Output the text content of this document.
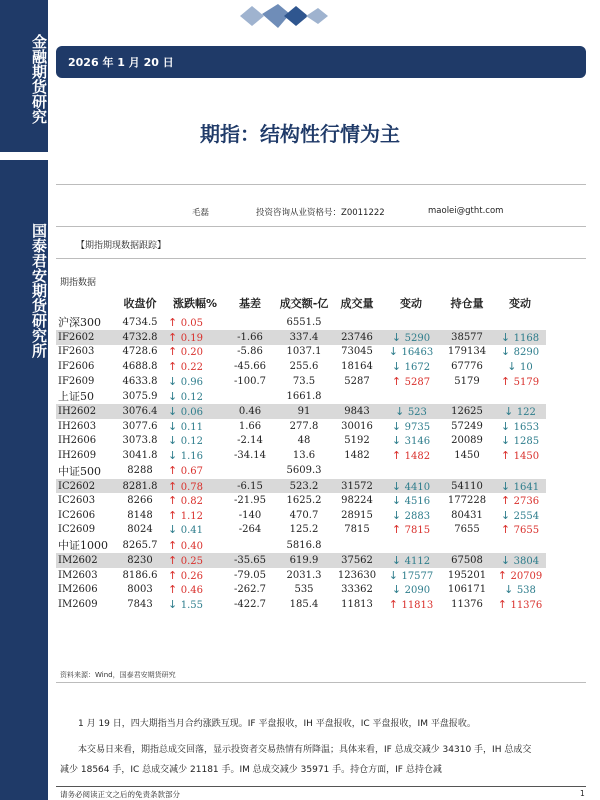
金融期货研究
国泰君安期货研究所
2026 年 1 月 20 日
期指：结构性行情为主
毛磊	投资咨询从业资格号：Z0011222	maolei@gtht.com
【期指期现数据跟踪】
期指数据
	收盘价	涨跌幅%	基差	成交额-亿	成交量	变动	持仓量	变动
沪深300	4734.5	↑ 0.05		6551.5				
IF2602	4732.8	↑ 0.19	-1.66	337.4	23746	↓ 5290	38577	↓ 1168
IF2603	4728.6	↑ 0.20	-5.86	1037.1	73045	↓ 16463	179134	↓ 8290
IF2606	4688.8	↑ 0.22	-45.66	255.6	18164	↓ 1672	67776	↓ 10
IF2609	4633.8	↓ 0.96	-100.7	73.5	5287	↑ 5287	5179	↑ 5179
上证50	3075.9	↓ 0.12		1661.8				
IH2602	3076.4	↓ 0.06	0.46	91	9843	↓ 523	12625	↓ 122
IH2603	3077.6	↓ 0.11	1.66	277.8	30016	↓ 9735	57249	↓ 1653
IH2606	3073.8	↓ 0.12	-2.14	48	5192	↓ 3146	20089	↓ 1285
IH2609	3041.8	↓ 1.16	-34.14	13.6	1482	↑ 1482	1450	↑ 1450
中证500	8288	↑ 0.67		5609.3				
IC2602	8281.8	↑ 0.78	-6.15	523.2	31572	↓ 4410	54110	↓ 1641
IC2603	8266	↑ 0.82	-21.95	1625.2	98224	↓ 4516	177228	↑ 2736
IC2606	8148	↑ 1.12	-140	470.7	28915	↓ 2883	80431	↓ 2554
IC2609	8024	↓ 0.41	-264	125.2	7815	↑ 7815	7655	↑ 7655
中证1000	8265.7	↑ 0.40		5816.8				
IM2602	8230	↑ 0.25	-35.65	619.9	37562	↓ 4112	67508	↓ 3804
IM2603	8186.6	↑ 0.26	-79.05	2031.3	123630	↓ 17577	195201	↑ 20709
IM2606	8003	↑ 0.46	-262.7	535	33362	↓ 2090	106171	↓ 538
IM2609	7843	↓ 1.55	-422.7	185.4	11813	↑ 11813	11376	↑ 11376
资料来源：Wind，国泰君安期货研究
1 月 19 日，四大期指当月合约涨跌互现。IF 平盘报收，IH 平盘报收，IC 平盘报收，IM 平盘报收。
本交易日来看，期指总成交回落，显示投资者交易热情有所降温；具体来看，IF 总成交减少 34310 手，IH 总成交减少 18564 手，IC 总成交减少 21181 手。IM 总成交减少 35971 手。持仓方面，IF 总持仓减
请务必阅读正文之后的免责条款部分	1
